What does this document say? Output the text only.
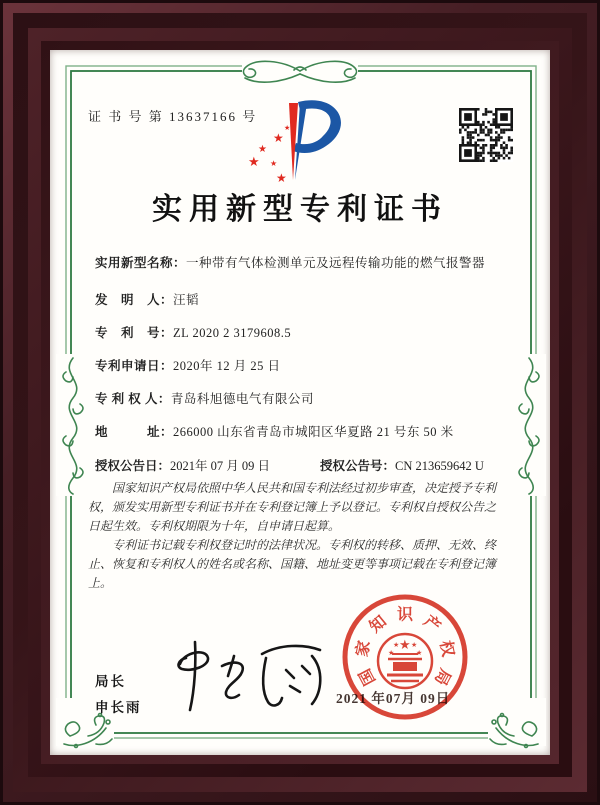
证 书 号 第 13637166 号
★
★
★
★ ★
★
实用新型专利证书
实用新型名称：一种带有气体检测单元及远程传输功能的燃气报警器
发　明　人：汪韬
专　利　号：ZL 2020 2 3179608.5
专利申请日：2020年 12 月 25 日
专 利 权 人：青岛科旭德电气有限公司
地　　　址：266000 山东省青岛市城阳区华夏路 21 号东 50 米
授权公告日：2021年 07 月 09 日	授权公告号：CN 213659642 U

国家知识产权局依照中华人民共和国专利法经过初步审查，决定授予专利权，颁发实用新型专利证书并在专利登记簿上予以登记。专利权自授权公告之日起生效。专利权期限为十年，自申请日起算。

专利证书记载专利权登记时的法律状况。专利权的转移、质押、无效、终止、恢复和专利权人的姓名或名称、国籍、地址变更等事项记载在专利登记簿上。

局长
申长雨
2021 年07月 09日
国
家
知 识 产
权
局
★
★
★ ★
★
